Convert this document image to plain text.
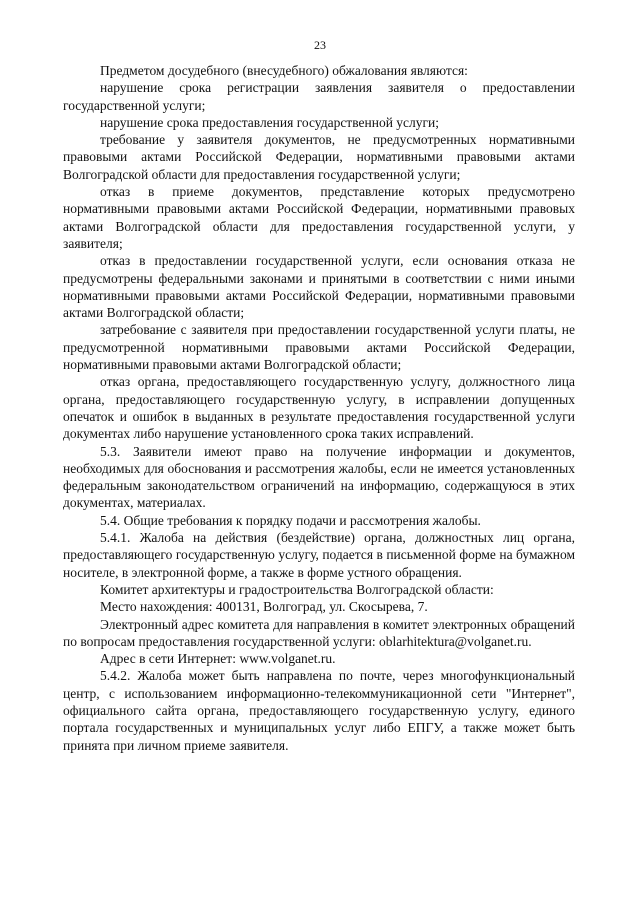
23

Предметом досудебного (внесудебного) обжалования являются:

нарушение срока регистрации заявления заявителя о предоставлении государственной услуги;

нарушение срока предоставления государственной услуги;

требование у заявителя документов, не предусмотренных нормативными правовыми актами Российской Федерации, нормативными правовыми актами Волгоградской области для предоставления государственной услуги;

отказ в приеме документов, представление которых предусмотрено нормативными правовыми актами Российской Федерации, нормативными правовых актами Волгоградской области для предоставления государственной услуги, у заявителя;

отказ в предоставлении государственной услуги, если основания отказа не предусмотрены федеральными законами и принятыми в соответствии с ними иными нормативными правовыми актами Российской Федерации, нормативными правовыми актами Волгоградской области;

затребование с заявителя при предоставлении государственной услуги платы, не предусмотренной нормативными правовыми актами Российской Федерации, нормативными правовыми актами Волгоградской области;

отказ органа, предоставляющего государственную услугу, должностного лица органа, предоставляющего государственную услугу, в исправлении допущенных опечаток и ошибок в выданных в результате предоставления государственной услуги документах либо нарушение установленного срока таких исправлений.

5.3. Заявители имеют право на получение информации и документов, необходимых для обоснования и рассмотрения жалобы, если не имеется установленных федеральным законодательством ограничений на информацию, содержащуюся в этих документах, материалах.

5.4. Общие требования к порядку подачи и рассмотрения жалобы.

5.4.1. Жалоба на действия (бездействие) органа, должностных лиц органа, предоставляющего государственную услугу, подается в письменной форме на бумажном носителе, в электронной форме, а также в форме устного обращения.

Комитет архитектуры и градостроительства Волгоградской области:

Место нахождения: 400131, Волгоград, ул. Скосырева, 7.

Электронный адрес комитета для направления в комитет электронных обращений по вопросам предоставления государственной услуги: oblarhitektura@volganet.ru.

Адрес в сети Интернет: www.volganet.ru.

5.4.2. Жалоба может быть направлена по почте, через многофункциональный центр, с использованием информационно-телекоммуникационной сети "Интернет", официального сайта органа, предоставляющего государственную услугу, единого портала государственных и муниципальных услуг либо ЕПГУ, а также может быть принята при личном приеме заявителя.
